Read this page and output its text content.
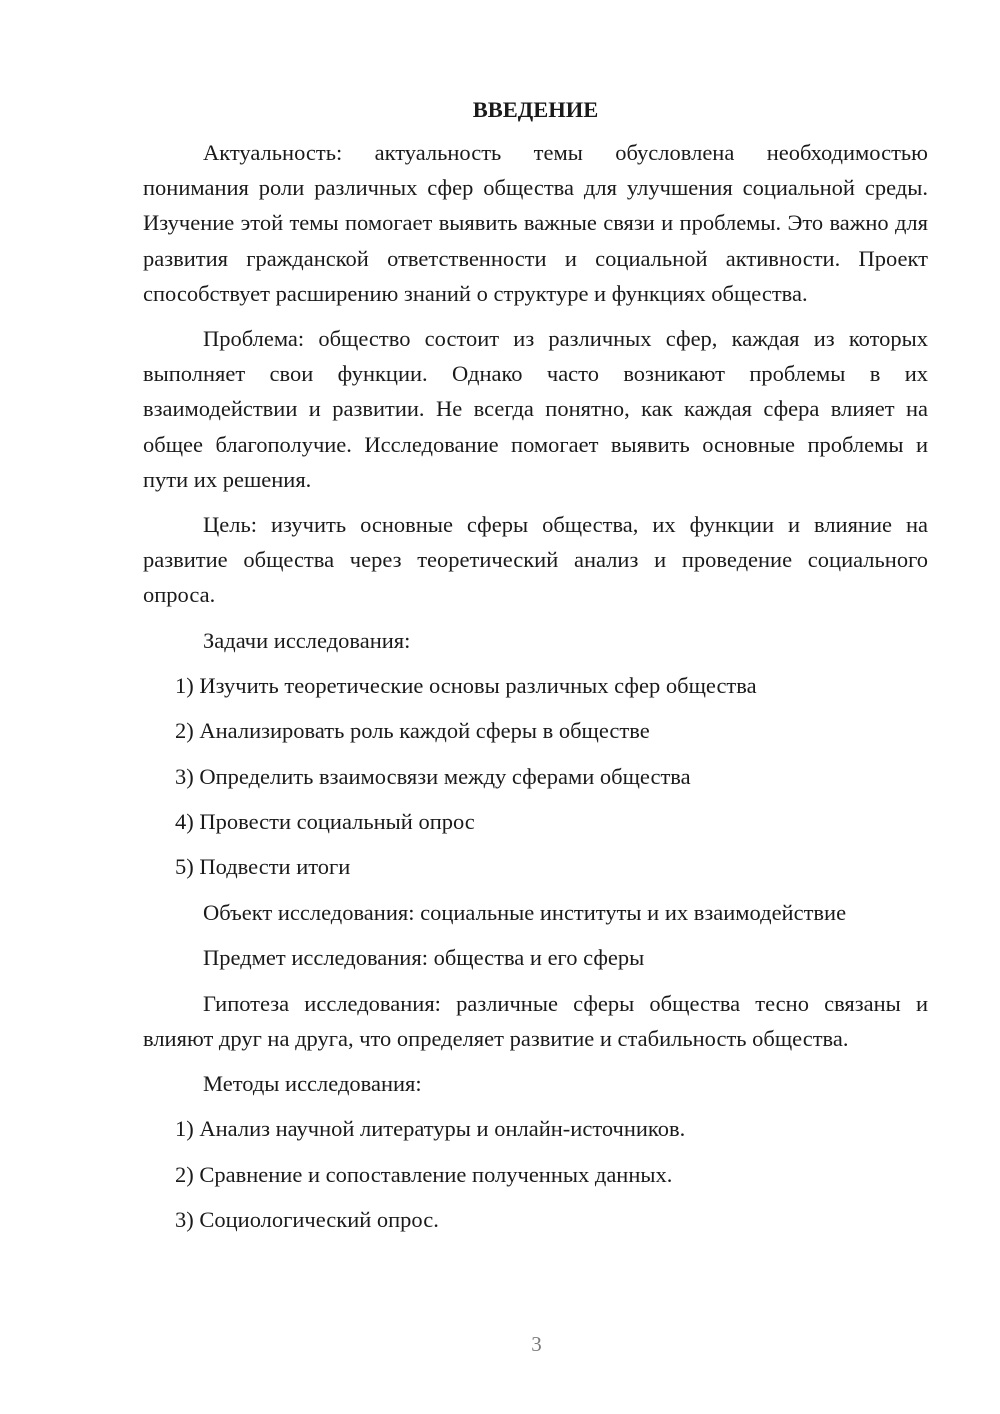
ВВЕДЕНИЕ

Актуальность: актуальность темы обусловлена необходимостью понимания роли различных сфер общества для улучшения социальной среды. Изучение этой темы помогает выявить важные связи и проблемы. Это важно для развития гражданской ответственности и социальной активности. Проект способствует расширению знаний о структуре и функциях общества.

Проблема: общество состоит из различных сфер, каждая из которых выполняет свои функции. Однако часто возникают проблемы в их взаимодействии и развитии. Не всегда понятно, как каждая сфера влияет на общее благополучие. Исследование помогает выявить основные проблемы и пути их решения.

Цель: изучить основные сферы общества, их функции и влияние на развитие общества через теоретический анализ и проведение социального опроса.

Задачи исследования:
1) Изучить теоретические основы различных сфер общества
2) Анализировать роль каждой сферы в обществе
3) Определить взаимосвязи между сферами общества
4) Провести социальный опрос
5) Подвести итоги
Объект исследования: социальные институты и их взаимодействие
Предмет исследования: общества и его сферы

Гипотеза исследования: различные сферы общества тесно связаны и влияют друг на друга, что определяет развитие и стабильность общества.

Методы исследования:
1) Анализ научной литературы и онлайн-источников.
2) Сравнение и сопоставление полученных данных.
3) Социологический опрос.
3
